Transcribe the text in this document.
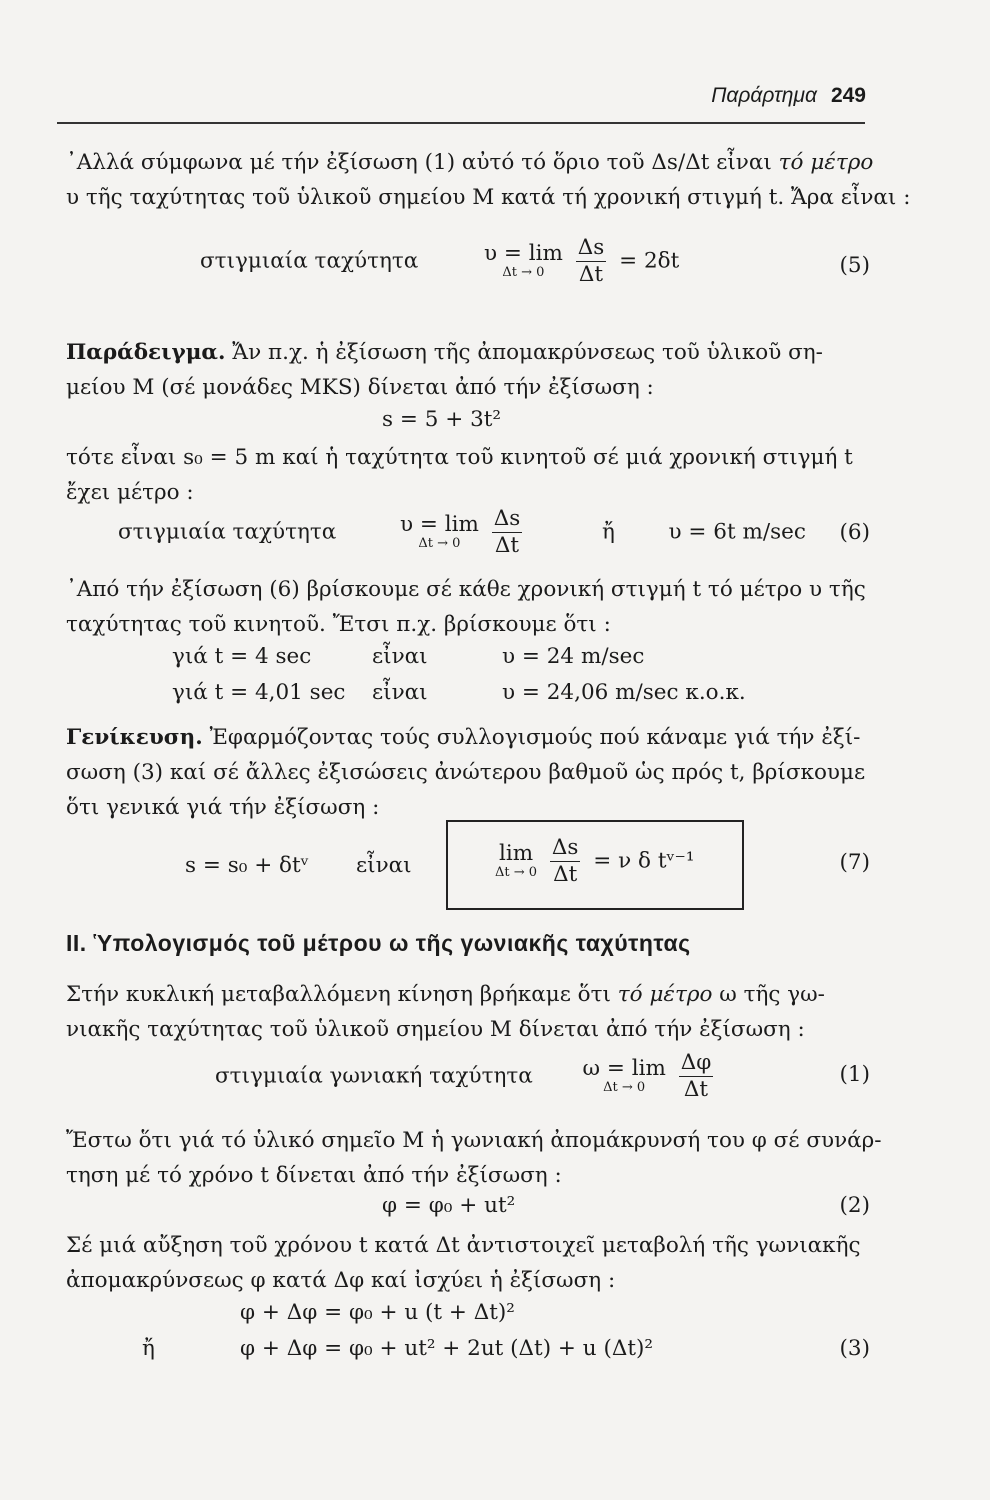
Παράρτημα 249
᾽Αλλά σύμφωνα μέ τήν ἐξίσωση (1) αὐτό τό ὅριο τοῦ Δs/Δt εἶναι τό μέτρο
υ τῆς ταχύτητας τοῦ ὑλικοῦ σημείου Μ κατά τή χρονική στιγμή t. Ἄρα εἶναι :
στιγμιαία ταχύτητα	υ = lim
Δt → 0
	$\frac{\Delta s}{\Delta t} = 2\delta t$	(5)
Παράδειγμα. Ἄν π.χ. ἡ ἐξίσωση τῆς ἀπομακρύνσεως τοῦ ὑλικοῦ ση-
μείου Μ (σέ μονάδες MKS) δίνεται ἀπό τήν ἐξίσωση :
s = 5 + 3t²
τότε εἶναι s₀ = 5 m καί ἡ ταχύτητα τοῦ κινητοῦ σέ μιά χρονική στιγμή t
ἔχει μέτρο :
στιγμιαία ταχύτητα	υ = lim
Δt → 0
	$\frac{\Delta s}{\Delta t}$	ἤ υ = 6t m/sec (6)
᾽Από τήν ἐξίσωση (6) βρίσκουμε σέ κάθε χρονική στιγμή t τό μέτρο υ τῆς
ταχύτητας τοῦ κινητοῦ. Ἔτσι π.χ. βρίσκουμε ὅτι :
γιά t = 4 sec	εἶναι	υ = 24 m/sec
γιά t = 4,01 sec εἶναι	υ = 24,06 m/sec κ.ο.κ.
Γενίκευση. Ἐφαρμόζοντας τούς συλλογισμούς πού κάναμε γιά τήν ἐξί-
σωση (3) καί σέ ἄλλες ἐξισώσεις ἀνώτερου βαθμοῦ ὡς πρός t, βρίσκουμε
ὅτι γενικά γιά τήν ἐξίσωση :
s = s₀ + δtᵛ εἶναι	lim
Δt → 0
$\frac{\Delta s}{\Delta t} = \nu$ δ tᵛ⁻¹	(7)
ΙΙ. Ὑπολογισμός τοῦ μέτρου ω τῆς γωνιακῆς ταχύτητας
Στήν κυκλική μεταβαλλόμενη κίνηση βρήκαμε ὅτι τό μέτρο ω τῆς γω-
νιακῆς ταχύτητας τοῦ ὑλικοῦ σημείου Μ δίνεται ἀπό τήν ἐξίσωση :
στιγμιαία γωνιακή ταχύτητα ω = lim
Δt → 0
	$\frac{\Delta\varphi}{\Delta t}$	(1)
Ἔστω ὅτι γιά τό ὑλικό σημεῖο Μ ἡ γωνιακή ἀπομάκρυνσή του φ σέ συνάρ-
τηση μέ τό χρόνο t δίνεται ἀπό τήν ἐξίσωση :
φ = φ₀ + ut²	(2)
Σέ μιά αὔξηση τοῦ χρόνου t κατά Δt ἀντιστοιχεῖ μεταβολή τῆς γωνιακῆς
ἀπομακρύνσεως φ κατά Δφ καί ἰσχύει ἡ ἐξίσωση :
φ + Δφ = φ₀ + u (t + Δt)²
ἤ	φ + Δφ = φ₀ + ut² + 2ut (Δt) + u (Δt)²	(3)
